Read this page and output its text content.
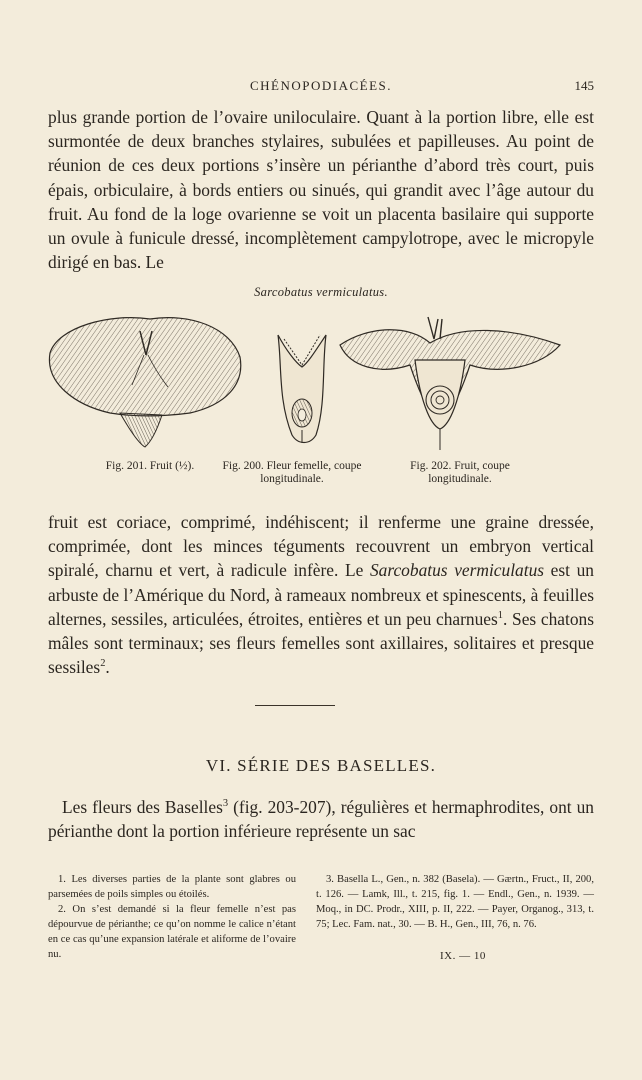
CHÉNOPODIACÉES.	145
plus grande portion de l’ovaire uniloculaire. Quant à la portion libre, elle est surmontée de deux branches stylaires, subulées et papilleuses. Au point de réunion de ces deux portions s’insère un périanthe d’abord très court, puis épais, orbiculaire, à bords entiers ou sinués, qui grandit avec l’âge autour du fruit. Au fond de la loge ovarienne se voit un placenta basilaire qui supporte un ovule à funicule dressé, incomplètement campylotrope, avec le micropyle dirigé en bas. Le
Sarcobatus vermiculatus.
Fig. 201. Fruit (½).	Fig. 200. Fleur femelle, coupe longitudinale.
Fig. 202. Fruit, coupe longitudinale.
fruit est coriace, comprimé, indéhiscent; il renferme une graine dressée, comprimée, dont les minces téguments recouvrent un embryon vertical spiralé, charnu et vert, à radicule infère. Le Sarcobatus vermiculatus est un arbuste de l’Amérique du Nord, à rameaux nombreux et spinescents, à feuilles alternes, sessiles, articulées, étroites, entières et un peu charnues$^1$. Ses chatons mâles sont terminaux; ses fleurs femelles sont axillaires, solitaires et presque sessiles$^2$.
VI. SÉRIE DES BASELLES.
Les fleurs des Baselles$^3$ (fig. 203-207), régulières et hermaphrodites, ont un périanthe dont la portion inférieure représente un sac

1. Les diverses parties de la plante sont glabres ou parsemées de poils simples ou étoilés.

2. On s’est demandé si la fleur femelle n’est pas dépourvue de périanthe; ce qu’on nomme le calice n’étant en ce cas qu’une expansion latérale et aliforme de l’ovaire nu.

3. Basella L., Gen., n. 382 (Basela). — Gærtn., Fruct., II, 200, t. 126. — Lamk, Ill., t. 215, fig. 1. — Endl., Gen., n. 1939. — Moq., in DC. Prodr., XIII, p. II, 222. — Payer, Organog., 313, t. 75; Lec. Fam. nat., 30. — B. H., Gen., III, 76, n. 76.

IX. — 10
